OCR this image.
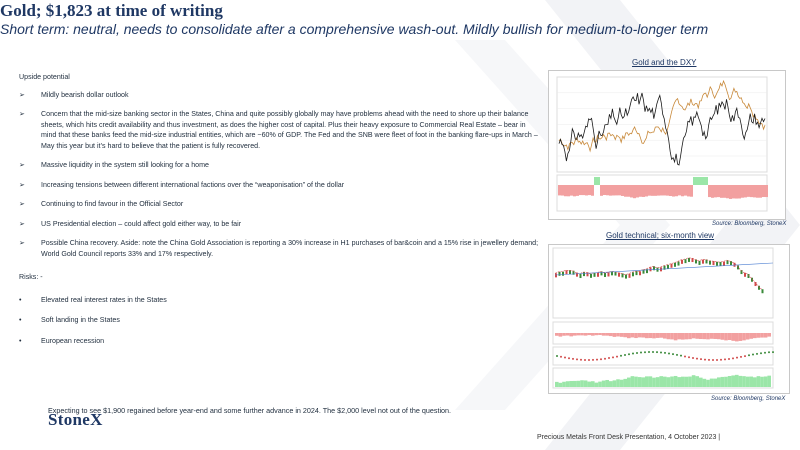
Gold; $1,823 at time of writing
Short term: neutral, needs to consolidate after a comprehensive wash-out. Mildly bullish for medium-to-longer term

Upside potential

➢ Mildly bearish dollar outlook
➢ Concern that the mid-size banking sector in the States, China and quite possibly globally may have problems ahead with the need to shore up their balance sheets, which hits credit availability and thus investment, as does the higher cost of capital. Plus their heavy exposure to Commercial Real Estate – bear in mind that these banks feed the mid-size industrial entities, which are ~60% of GDP. The Fed and the SNB were fleet of foot in the banking flare-ups in March – May this year but it’s hard to believe that the patient is fully recovered.
➢ Massive liquidity in the system still looking for a home
➢ Increasing tensions between different international factions over the “weaponisation” of the dollar
➢ Continuing to find favour in the Official Sector
➢ US Presidential election – could affect gold either way, to be fair
➢ Possible China recovery. Aside: note the China Gold Association is reporting a 30% increase in H1 purchases of bar&coin and a 15% rise in jewellery demand; World Gold Council reports 33% and 17% respectively.

Risks: -

•	Elevated real interest rates in the States
•	Soft landing in the States
•	European recession
Expecting to see $1,900 regained before year-end and some further advance in 2024. The $2,000 level not out of the question.
StoneX
Precious Metals Front Desk Presentation, 4 October 2023 |
Gold and the DXY
Source: Bloomberg, StoneX
Gold technical; six-month view
Source: Bloomberg, StoneX
